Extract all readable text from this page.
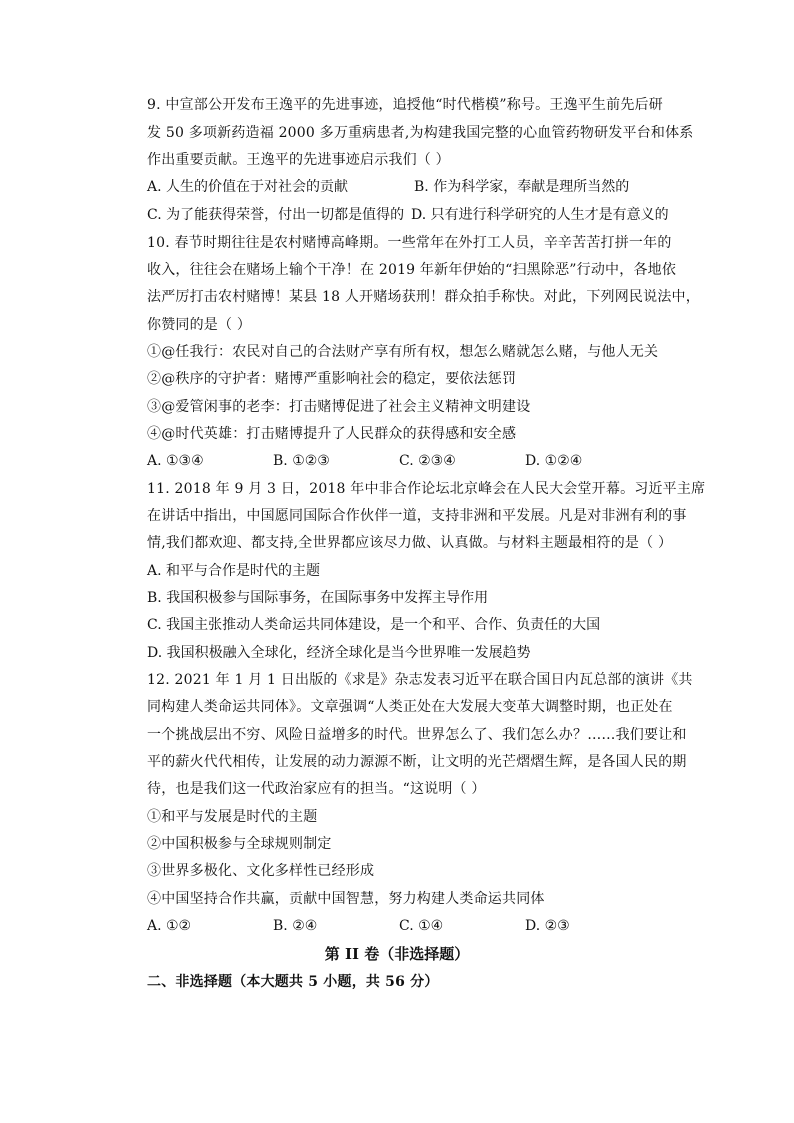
9. 中宣部公开发布王逸平的先进事迹，追授他“时代楷模”称号。王逸平生前先后研
发 50 多项新药造福 2000 多万重病患者,为构建我国完整的心血管药物研发平台和体系
作出重要贡献。王逸平的先进事迹启示我们（ ）
A. 人生的价值在于对社会的贡献	B. 作为科学家，奉献是理所当然的
C. 为了能获得荣誉，付出一切都是值得的 D. 只有进行科学研究的人生才是有意义的
10. 春节时期往往是农村赌博高峰期。一些常年在外打工人员，辛辛苦苦打拼一年的
收入，往往会在赌场上输个干净！在 2019 年新年伊始的“扫黑除恶”行动中，各地依
法严厉打击农村赌博！某县 18 人开赌场获刑！群众拍手称快。对此，下列网民说法中，
你赞同的是（ ）
①@任我行：农民对自己的合法财产享有所有权，想怎么赌就怎么赌，与他人无关
②@秩序的守护者：赌博严重影响社会的稳定，要依法惩罚
③@爱管闲事的老李：打击赌博促进了社会主义精神文明建设
④@时代英雄：打击赌博提升了人民群众的获得感和安全感
A. ①③④	B. ①②③	C. ②③④	D. ①②④
11. 2018 年 9 月 3 日，2018 年中非合作论坛北京峰会在人民大会堂开幕。习近平主席
在讲话中指出，中国愿同国际合作伙伴一道，支持非洲和平发展。凡是对非洲有利的事
情,我们都欢迎、都支持,全世界都应该尽力做、认真做。与材料主题最相符的是（ ）
A. 和平与合作是时代的主题
B. 我国积极参与国际事务，在国际事务中发挥主导作用
C. 我国主张推动人类命运共同体建设，是一个和平、合作、负责任的大国
D. 我国积极融入全球化，经济全球化是当今世界唯一发展趋势
12. 2021 年 1 月 1 日出版的《求是》杂志发表习近平在联合国日内瓦总部的演讲《共
同构建人类命运共同体》。文章强调“人类正处在大发展大变革大调整时期，也正处在
一个挑战层出不穷、风险日益增多的时代。世界怎么了、我们怎么办？……我们要让和
平的薪火代代相传，让发展的动力源源不断，让文明的光芒熠熠生辉，是各国人民的期
待，也是我们这一代政治家应有的担当。“这说明（ ）
①和平与发展是时代的主题
②中国积极参与全球规则制定
③世界多极化、文化多样性已经形成
④中国坚持合作共赢，贡献中国智慧，努力构建人类命运共同体
A. ①②	B. ②④	C. ①④	D. ②③
第 II 卷（非选择题）
二、非选择题（本大题共 5 小题，共 56 分）
